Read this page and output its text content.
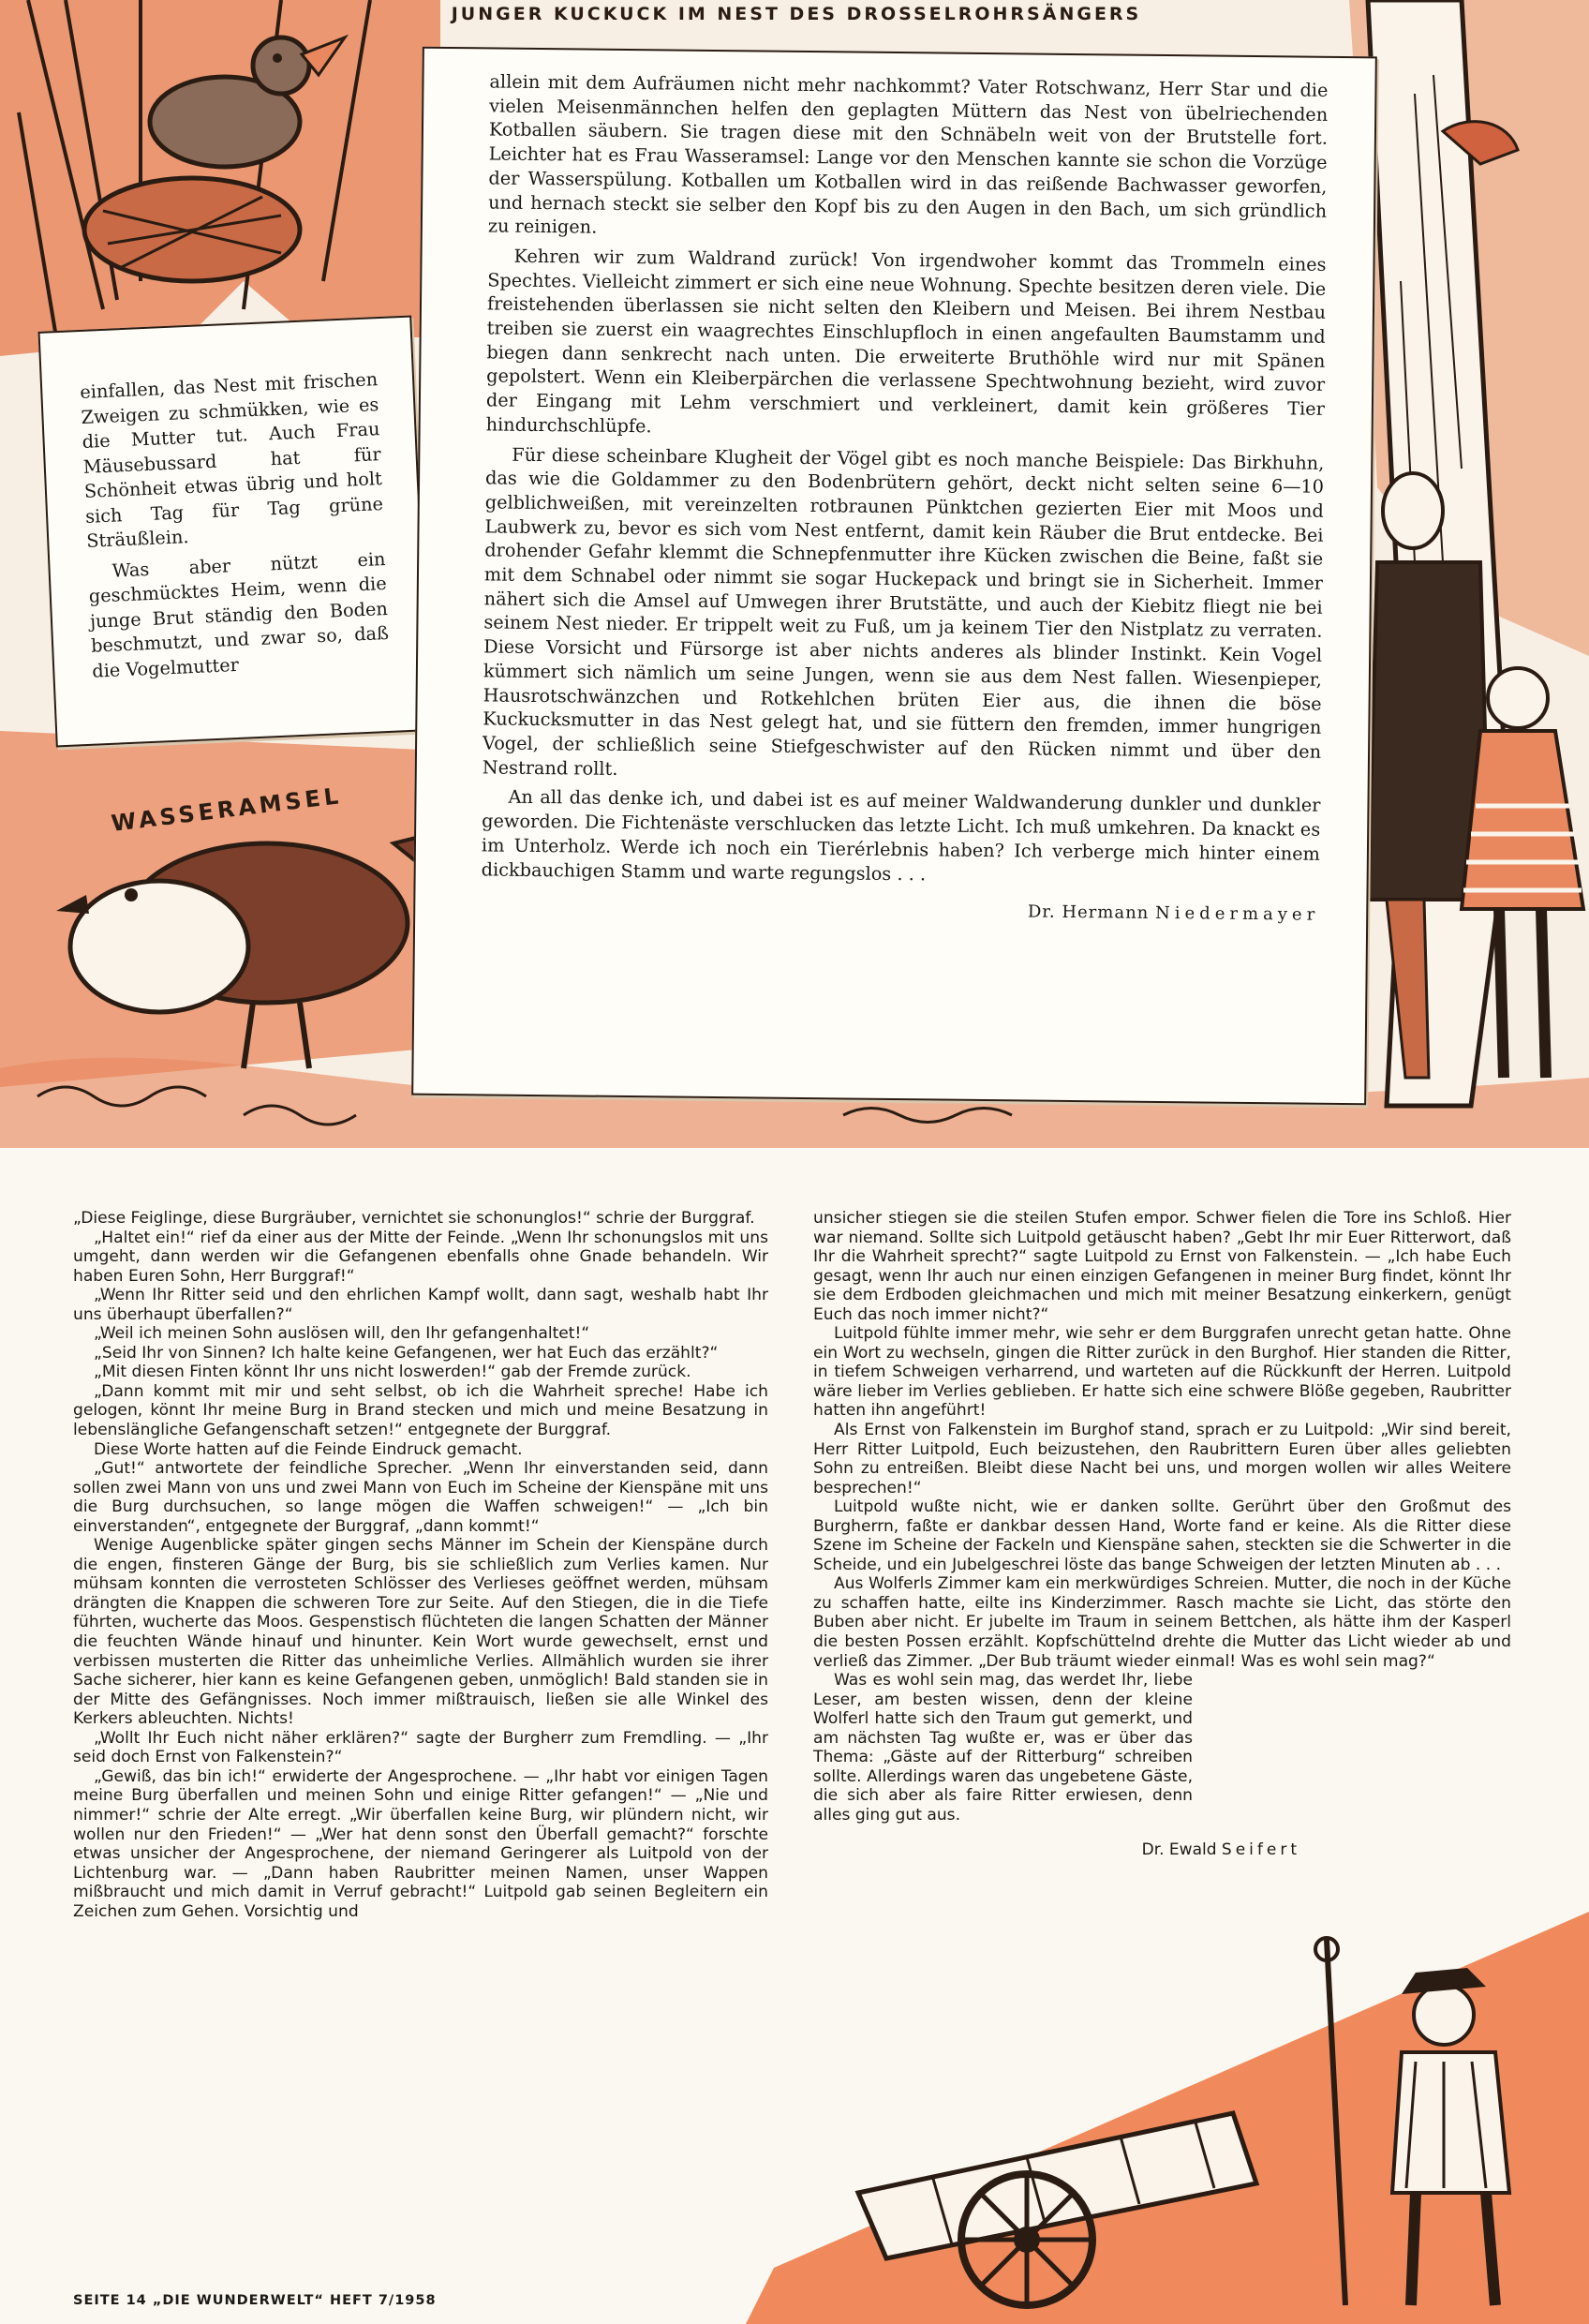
JUNGER KUCKUCK IM NEST DES DROSSELROHRSÄNGERS
WASSERAMSEL

einfallen, das Nest mit frischen Zweigen zu schmükken, wie es die Mutter tut. Auch Frau Mäusebussard hat für Schönheit etwas übrig und holt sich Tag für Tag grüne Sträußlein.

Was aber nützt ein geschmücktes Heim, wenn die junge Brut ständig den Boden beschmutzt, und zwar so, daß die Vogelmutter

allein mit dem Aufräumen nicht mehr nachkommt? Vater Rotschwanz, Herr Star und die vielen Meisenmännchen helfen den geplagten Müttern das Nest von übelriechenden Kotballen säubern. Sie tragen diese mit den Schnäbeln weit von der Brutstelle fort. Leichter hat es Frau Wasseramsel: Lange vor den Menschen kannte sie schon die Vorzüge der Wasserspülung. Kotballen um Kotballen wird in das reißende Bachwasser geworfen, und hernach steckt sie selber den Kopf bis zu den Augen in den Bach, um sich gründlich zu reinigen.

Kehren wir zum Waldrand zurück! Von irgendwoher kommt das Trommeln eines Spechtes. Vielleicht zimmert er sich eine neue Wohnung. Spechte besitzen deren viele. Die freistehenden überlassen sie nicht selten den Kleibern und Meisen. Bei ihrem Nestbau treiben sie zuerst ein waagrechtes Einschlupfloch in einen angefaulten Baumstamm und biegen dann senkrecht nach unten. Die erweiterte Bruthöhle wird nur mit Spänen gepolstert. Wenn ein Kleiberpärchen die verlassene Spechtwohnung bezieht, wird zuvor der Eingang mit Lehm verschmiert und verkleinert, damit kein größeres Tier hindurchschlüpfe.

Für diese scheinbare Klugheit der Vögel gibt es noch manche Beispiele: Das Birkhuhn, das wie die Goldammer zu den Bodenbrütern gehört, deckt nicht selten seine 6—10 gelblichweißen, mit vereinzelten rotbraunen Pünktchen gezierten Eier mit Moos und Laubwerk zu, bevor es sich vom Nest entfernt, damit kein Räuber die Brut entdecke. Bei drohender Gefahr klemmt die Schnepfenmutter ihre Kücken zwischen die Beine, faßt sie mit dem Schnabel oder nimmt sie sogar Huckepack und bringt sie in Sicherheit. Immer nähert sich die Amsel auf Umwegen ihrer Brutstätte, und auch der Kiebitz fliegt nie bei seinem Nest nieder. Er trippelt weit zu Fuß, um ja keinem Tier den Nistplatz zu verraten. Diese Vorsicht und Fürsorge ist aber nichts anderes als blinder Instinkt. Kein Vogel kümmert sich nämlich um seine Jungen, wenn sie aus dem Nest fallen. Wiesenpieper, Hausrotschwänzchen und Rotkehlchen brüten Eier aus, die ihnen die böse Kuckucksmutter in das Nest gelegt hat, und sie füttern den fremden, immer hungrigen Vogel, der schließlich seine Stiefgeschwister auf den Rücken nimmt und über den Nestrand rollt.

An all das denke ich, und dabei ist es auf meiner Waldwanderung dunkler und dunkler geworden. Die Fichtenäste verschlucken das letzte Licht. Ich muß umkehren. Da knackt es im Unterholz. Werde ich noch ein Tierérlebnis haben? Ich verberge mich hinter einem dickbauchigen Stamm und warte regungslos . . .

Dr. Hermann Niedermayer

„Diese Feiglinge, diese Burgräuber, vernichtet sie schonunglos!“ schrie der Burggraf.

„Haltet ein!“ rief da einer aus der Mitte der Feinde. „Wenn Ihr schonungslos mit uns umgeht, dann werden wir die Gefangenen ebenfalls ohne Gnade behandeln. Wir haben Euren Sohn, Herr Burggraf!“

„Wenn Ihr Ritter seid und den ehrlichen Kampf wollt, dann sagt, weshalb habt Ihr uns überhaupt überfallen?“

„Weil ich meinen Sohn auslösen will, den Ihr gefangenhaltet!“

„Seid Ihr von Sinnen? Ich halte keine Gefangenen, wer hat Euch das erzählt?“

„Mit diesen Finten könnt Ihr uns nicht loswerden!“ gab der Fremde zurück.

„Dann kommt mit mir und seht selbst, ob ich die Wahrheit spreche! Habe ich gelogen, könnt Ihr meine Burg in Brand stecken und mich und meine Besatzung in lebenslängliche Gefangenschaft setzen!“ entgegnete der Burggraf.

Diese Worte hatten auf die Feinde Eindruck gemacht.

„Gut!“ antwortete der feindliche Sprecher. „Wenn Ihr einverstanden seid, dann sollen zwei Mann von uns und zwei Mann von Euch im Scheine der Kienspäne mit uns die Burg durchsuchen, so lange mögen die Waffen schweigen!“ — „Ich bin einverstanden“, entgegnete der Burggraf, „dann kommt!“

Wenige Augenblicke später gingen sechs Männer im Schein der Kienspäne durch die engen, finsteren Gänge der Burg, bis sie schließlich zum Verlies kamen. Nur mühsam konnten die verrosteten Schlösser des Verlieses geöffnet werden, mühsam drängten die Knappen die schweren Tore zur Seite. Auf den Stiegen, die in die Tiefe führten, wucherte das Moos. Gespenstisch flüchteten die langen Schatten der Männer die feuchten Wände hinauf und hinunter. Kein Wort wurde gewechselt, ernst und verbissen musterten die Ritter das unheimliche Verlies. Allmählich wurden sie ihrer Sache sicherer, hier kann es keine Gefangenen geben, unmöglich! Bald standen sie in der Mitte des Gefängnisses. Noch immer mißtrauisch, ließen sie alle Winkel des Kerkers ableuchten. Nichts!

„Wollt Ihr Euch nicht näher erklären?“ sagte der Burgherr zum Fremdling. — „Ihr seid doch Ernst von Falkenstein?“

„Gewiß, das bin ich!“ erwiderte der Angesprochene. — „Ihr habt vor einigen Tagen meine Burg überfallen und meinen Sohn und einige Ritter gefangen!“ — „Nie und nimmer!“ schrie der Alte erregt. „Wir überfallen keine Burg, wir plündern nicht, wir wollen nur den Frieden!“ — „Wer hat denn sonst den Überfall gemacht?“ forschte etwas unsicher der Angesprochene, der niemand Geringerer als Luitpold von der Lichtenburg war. — „Dann haben Raubritter meinen Namen, unser Wappen mißbraucht und mich damit in Verruf gebracht!“ Luitpold gab seinen Begleitern ein Zeichen zum Gehen. Vorsichtig und

unsicher stiegen sie die steilen Stufen empor. Schwer fielen die Tore ins Schloß. Hier war niemand. Sollte sich Luitpold getäuscht haben? „Gebt Ihr mir Euer Ritterwort, daß Ihr die Wahrheit sprecht?“ sagte Luitpold zu Ernst von Falkenstein. — „Ich habe Euch gesagt, wenn Ihr auch nur einen einzigen Gefangenen in meiner Burg findet, könnt Ihr sie dem Erdboden gleichmachen und mich mit meiner Besatzung einkerkern, genügt Euch das noch immer nicht?“

Luitpold fühlte immer mehr, wie sehr er dem Burggrafen unrecht getan hatte. Ohne ein Wort zu wechseln, gingen die Ritter zurück in den Burghof. Hier standen die Ritter, in tiefem Schweigen verharrend, und warteten auf die Rückkunft der Herren. Luitpold wäre lieber im Verlies geblieben. Er hatte sich eine schwere Blöße gegeben, Raubritter hatten ihn angeführt!

Als Ernst von Falkenstein im Burghof stand, sprach er zu Luitpold: „Wir sind bereit, Herr Ritter Luitpold, Euch beizustehen, den Raubrittern Euren über alles geliebten Sohn zu entreißen. Bleibt diese Nacht bei uns, und morgen wollen wir alles Weitere besprechen!“

Luitpold wußte nicht, wie er danken sollte. Gerührt über den Großmut des Burgherrn, faßte er dankbar dessen Hand, Worte fand er keine. Als die Ritter diese Szene im Scheine der Fackeln und Kienspäne sahen, steckten sie die Schwerter in die Scheide, und ein Jubelgeschrei löste das bange Schweigen der letzten Minuten ab . . .

Aus Wolferls Zimmer kam ein merkwürdiges Schreien. Mutter, die noch in der Küche zu schaffen hatte, eilte ins Kinderzimmer. Rasch machte sie Licht, das störte den Buben aber nicht. Er jubelte im Traum in seinem Bettchen, als hätte ihm der Kasperl die besten Possen erzählt. Kopfschüttelnd drehte die Mutter das Licht wieder ab und verließ das Zimmer. „Der Bub träumt wieder einmal! Was es wohl sein mag?“

Was es wohl sein mag, das werdet Ihr, liebe Leser, am besten wissen, denn der kleine Wolferl hatte sich den Traum gut gemerkt, und am nächsten Tag wußte er, was er über das Thema: „Gäste auf der Ritterburg“ schreiben sollte. Allerdings waren das ungebetene Gäste, die sich aber als faire Ritter erwiesen, denn alles ging gut aus.

Dr. Ewald Seifert
SEITE 14 „DIE WUNDERWELT“ HEFT 7/1958
